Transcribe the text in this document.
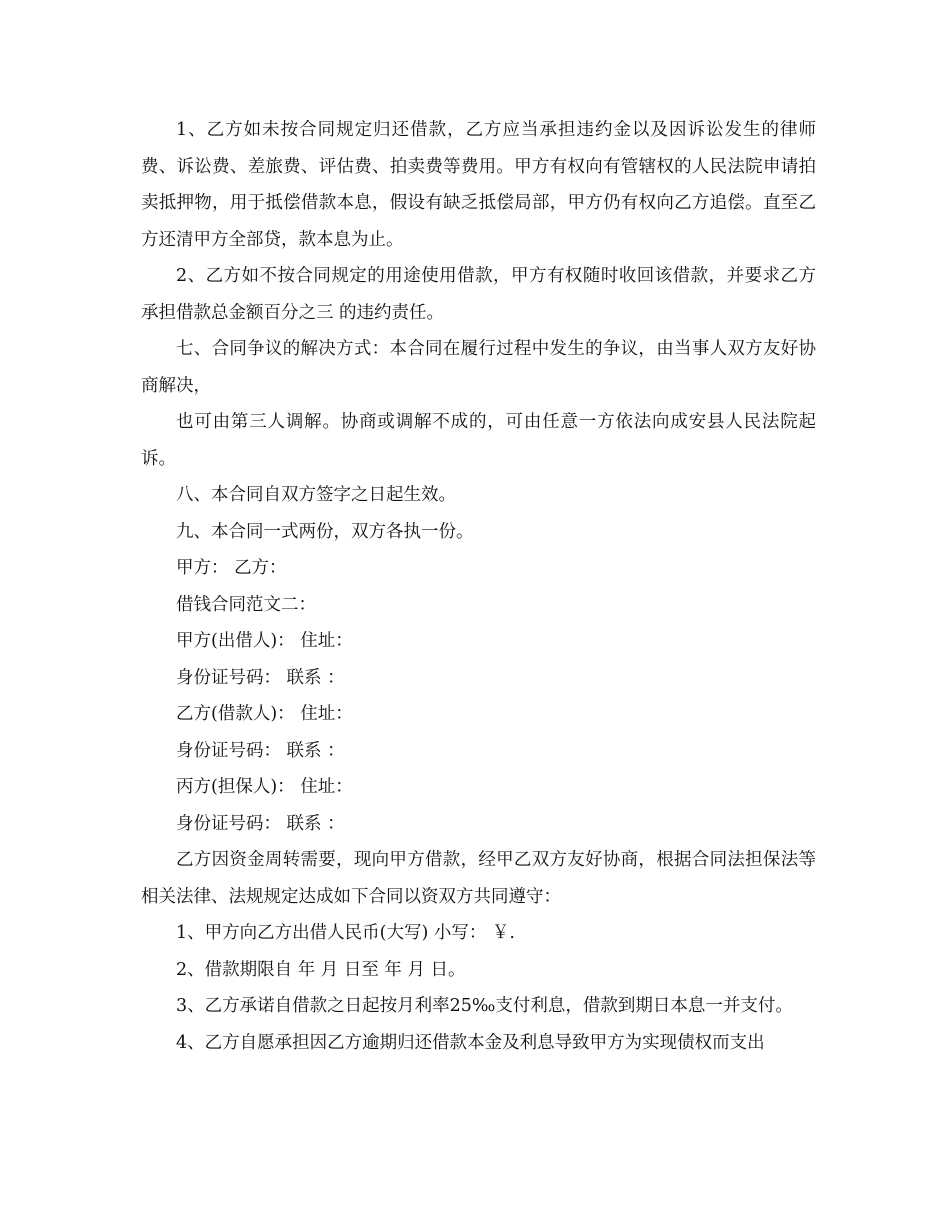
1、乙方如未按合同规定归还借款，乙方应当承担违约金以及因诉讼发生的律师费、诉讼费、差旅费、评估费、拍卖费等费用。甲方有权向有管辖权的人民法院申请拍卖抵押物，用于抵偿借款本息，假设有缺乏抵偿局部，甲方仍有权向乙方追偿。直至乙方还清甲方全部贷，款本息为止。

2、乙方如不按合同规定的用途使用借款，甲方有权随时收回该借款，并要求乙方承担借款总金额百分之三 的违约责任。

七、合同争议的解决方式：本合同在履行过程中发生的争议，由当事人双方友好协商解决，

也可由第三人调解。协商或调解不成的，可由任意一方依法向成安县人民法院起诉。

八、本合同自双方签字之日起生效。

九、本合同一式两份，双方各执一份。

甲方： 乙方：

借钱合同范文二：

甲方(出借人)： 住址：

身份证号码： 联系 ：

乙方(借款人)： 住址：

身份证号码： 联系 ：

丙方(担保人)： 住址：

身份证号码： 联系 ：

乙方因资金周转需要，现向甲方借款，经甲乙双方友好协商，根据合同法担保法等相关法律、法规规定达成如下合同以资双方共同遵守：

1、甲方向乙方出借人民币(大写) 小写： ￥.

2、借款期限自 年 月 日至 年 月 日。

3、乙方承诺自借款之日起按月利率25‰支付利息，借款到期日本息一并支付。

4、乙方自愿承担因乙方逾期归还借款本金及利息导致甲方为实现债权而支出
